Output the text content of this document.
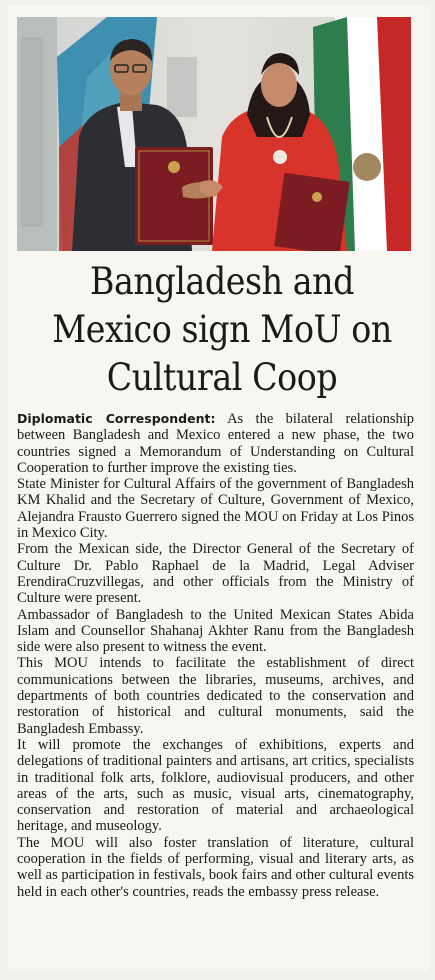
Bangladesh and Mexico sign MoU on Cultural Coop

Diplomatic Correspondent: As the bilateral relationship between Bangladesh and Mexico entered a new phase, the two countries signed a Memorandum of Understanding on Cultural Cooperation to further improve the existing ties.

State Minister for Cultural Affairs of the government of Bangladesh KM Khalid and the Secretary of Culture, Government of Mexico, Alejandra Frausto Guerrero signed the MOU on Friday at Los Pinos in Mexico City.

From the Mexican side, the Director General of the Secretary of Culture Dr. Pablo Raphael de la Madrid, Legal Adviser ErendiraCruzvillegas, and other officials from the Ministry of Culture were present.

Ambassador of Bangladesh to the United Mexican States Abida Islam and Counsellor Shahanaj Akhter Ranu from the Bangladesh side were also present to witness the event.

This MOU intends to facilitate the establishment of direct communications between the libraries, museums, archives, and departments of both countries dedicated to the conservation and restoration of historical and cultural monuments, said the Bangladesh Embassy.

It will promote the exchanges of exhibitions, experts and delegations of traditional painters and artisans, art critics, specialists in traditional folk arts, folklore, audiovisual producers, and other areas of the arts, such as music, visual arts, cinematography, conservation and restoration of material and archaeological heritage, and museology.

The MOU will also foster translation of literature, cultural cooperation in the fields of performing, visual and literary arts, as well as participation in festivals, book fairs and other cultural events held in each other's countries, reads the embassy press release.
